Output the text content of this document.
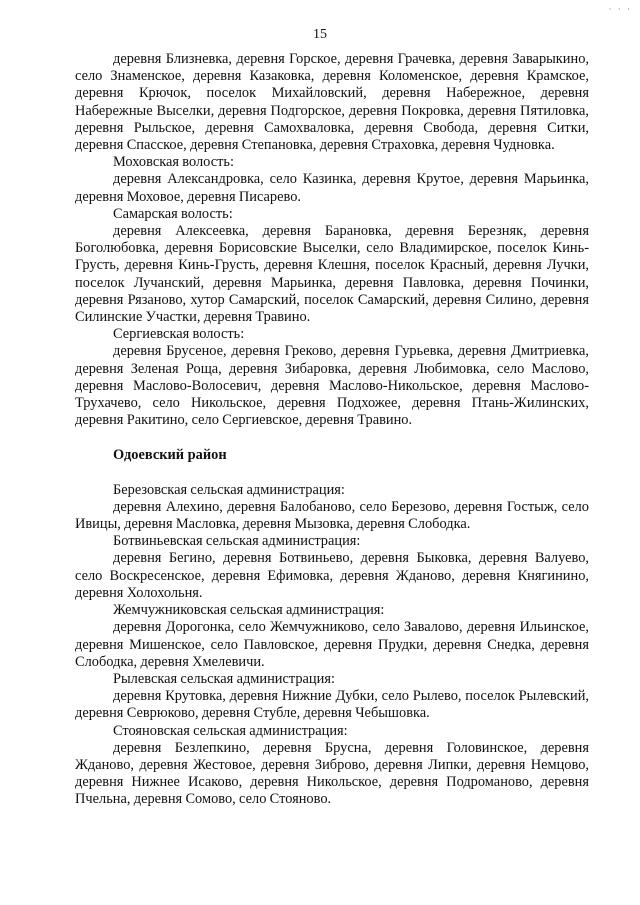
· · ·
15

деревня Близневка, деревня Горское, деревня Грачевка, деревня Заварыкино, село Знаменское, деревня Казаковка, деревня Коломенское, деревня Крамское, деревня Крючок, поселок Михайловский, деревня Набережное, деревня Набережные Выселки, деревня Подгорское, деревня Покровка, деревня Пятиловка, деревня Рыльское, деревня Самохваловка, деревня Свобода, деревня Ситки, деревня Спасское, деревня Степановка, деревня Страховка, деревня Чудновка.

Моховская волость:

деревня Александровка, село Казинка, деревня Крутое, деревня Марьинка, деревня Моховое, деревня Писарево.

Самарская волость:

деревня Алексеевка, деревня Барановка, деревня Березняк, деревня Боголюбовка, деревня Борисовские Выселки, село Владимирское, поселок Кинь-Грусть, деревня Кинь-Грусть, деревня Клешня, поселок Красный, деревня Лучки, поселок Лучанский, деревня Марьинка, деревня Павловка, деревня Починки, деревня Рязаново, хутор Самарский, поселок Самарский, деревня Силино, деревня Силинские Участки, деревня Травино.

Сергиевская волость:

деревня Брусеное, деревня Греково, деревня Гурьевка, деревня Дмитриевка, деревня Зеленая Роща, деревня Зибаровка, деревня Любимовка, село Маслово, деревня Маслово-Волосевич, деревня Маслово-Никольское, деревня Маслово-Трухачево, село Никольское, деревня Подхожее, деревня Птань-Жилинских, деревня Ракитино, село Сергиевское, деревня Травино.

Одоевский район

Березовская сельская администрация:

деревня Алехино, деревня Балобаново, село Березово, деревня Гостыж, село Ивицы, деревня Масловка, деревня Мызовка, деревня Слободка.

Ботвиньевская сельская администрация:

деревня Бегино, деревня Ботвиньево, деревня Быковка, деревня Валуево, село Воскресенское, деревня Ефимовка, деревня Жданово, деревня Княгинино, деревня Холохольня.

Жемчужниковская сельская администрация:

деревня Дорогонка, село Жемчужниково, село Завалово, деревня Ильинское, деревня Мишенское, село Павловское, деревня Прудки, деревня Снедка, деревня Слободка, деревня Хмелевичи.

Рылевская сельская администрация:

деревня Крутовка, деревня Нижние Дубки, село Рылево, поселок Рылевский, деревня Севрюково, деревня Стубле, деревня Чебышовка.

Стояновская сельская администрация:

деревня Безлепкино, деревня Брусна, деревня Головинское, деревня Жданово, деревня Жестовое, деревня Зиброво, деревня Липки, деревня Немцово, деревня Нижнее Исаково, деревня Никольское, деревня Подроманово, деревня Пчельна, деревня Сомово, село Стояново.
